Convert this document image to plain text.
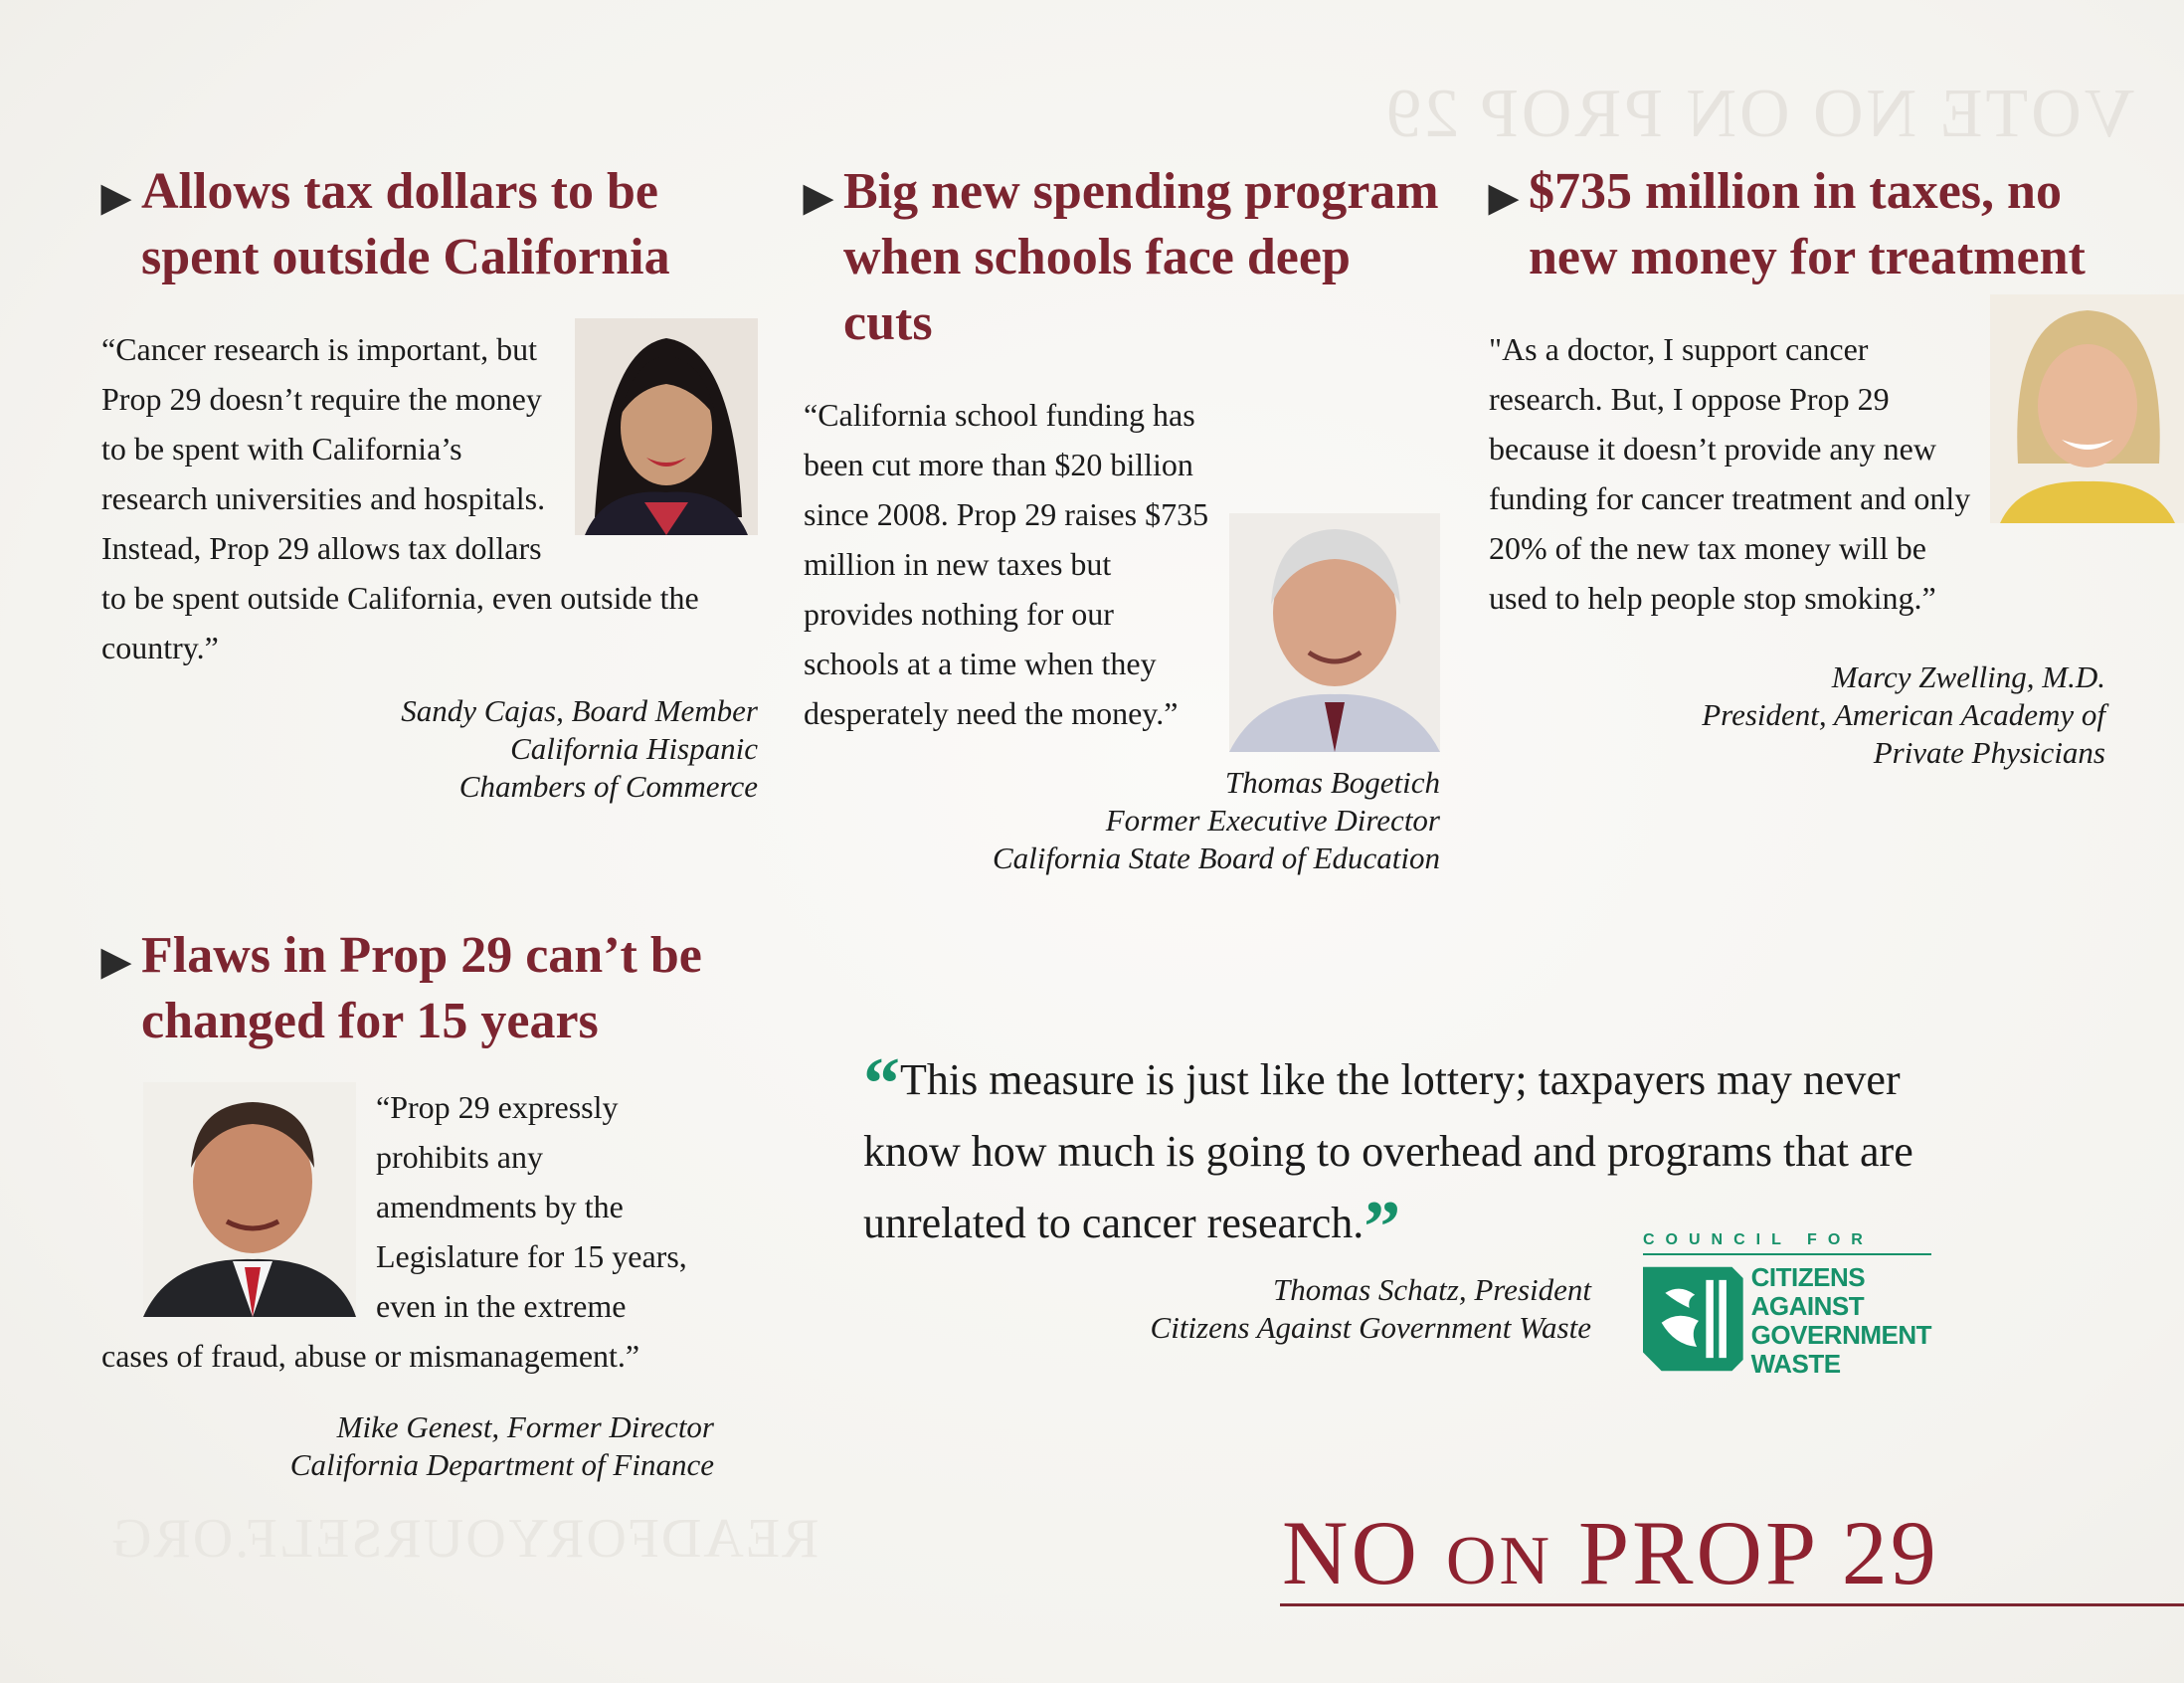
VOTE NO ON PROP 29
READFORYOURSELF.ORG
▶ Allows tax dollars to be
spent outside California

“Cancer research is important, but Prop 29 doesn’t require the money to be spent with California’s research universities and hospitals. Instead, Prop 29 allows tax dollars to be spent outside California, even outside the country.”

Sandy Cajas, Board Member
California Hispanic
Chambers of Commerce
▶ Big new spending program
when schools face deep cuts

“California school funding has been cut more than $20 billion since 2008. Prop 29 raises $735 million in new taxes but provides nothing for our schools at a time when they desperately need the money.”

Thomas Bogetich
Former Executive Director
California State Board of Education
▶ $735 million in taxes, no
new money for treatment

"As a doctor, I support cancer research. But, I oppose Prop 29 because it doesn’t provide any new funding for cancer treatment and only 20% of the new tax money will be used to help people stop smoking.”

Marcy Zwelling, M.D.
President, American Academy of
Private Physicians
▶ Flaws in Prop 29 can’t be
changed for 15 years

“Prop 29 expressly prohibits any amendments by the Legislature for 15 years, even in the extreme cases of fraud, abuse or mismanagement.”

Mike Genest, Former Director
California Department of Finance

“This measure is just like the lottery; taxpayers may never know how much is going to overhead and programs that are unrelated to cancer research.”

Thomas Schatz, President
Citizens Against Government Waste
COUNCIL FOR
CITIZENS
AGAINST
GOVERNMENT
WASTE
NO ON PROP 29
